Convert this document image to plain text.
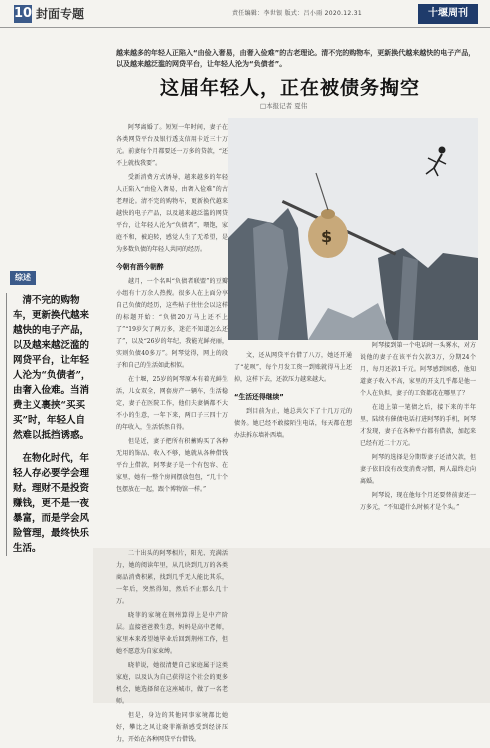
10 封面专题	责任编辑：李世银 版式：吕小雨 2020.12.31	十堰周刊
越来越多的年轻人正陷入“由俭入奢易，由奢入俭难”的古老理论。清不完的购物车，更新换代越来越快的电子产品，以及越来越泛滥的网贷平台，让年轻人沦为“负债者”。
这届年轻人，正在被债务掏空
□本报记者 夏伟
综述

清不完的购物车，更新换代越来越快的电子产品，以及越来越泛滥的网贷平台，让年轻人沦为“负债者”，由奢入俭难。当消费主义裹挟“买买买”时，年轻人自然难以抵挡诱惑。

在物化时代，年轻人存必要学会理财。理财不是投资赚钱，更不是一夜暴富，而是学会风险管理，最终快乐生活。

阿琴离婚了。短短一年时间，妻子在各类网贷平台及银行透支信用卡近三十万元。前妻每个月都要还一万多的贷款，“还不上就找我要”。

受新消费方式诱导，越来越多的年轻人正陷入“由俭入奢易，由奢入俭难”的古老理论。清不完的购物车，更新换代越来越快的电子产品，以及越来越泛滥的网贷平台，让年轻人沦为“负债者”，喂饱，家庭不和，被迫转，感觉人生了无希望，是为多数负债的年轻人共同的经历。

今朝有酒今朝醉

越月，一个名叫“负债者联盟”的豆瓣小组有十万余人热搜。很多人在上面分享自己负债的经历，这些帖子往往会以这样的标题开始：“负债20万马上还不上了”“19岁欠了两万多，迷茫不知道怎么还了”，以及“26岁的年纪，我能光鲜亮丽，实则负债40多万”。阿琴觉得，网上的段子和自己的生活如此相似。

在十堰，25岁的阿琴原本有着光鲜生活，儿女双全，网套房产一辆车，生活稳定，妻子在医院工作，他们夫妻俩都不大不小的生意，一年下来，两口子三四十万的年收入，生活恬然自得。

但是近，妻子把所有积蓄购买了各种无用的饰品、收入不够，她就从各种借钱平台上借款，阿琴妻子是一个有包容、在家里，她有一整个房间摆放包包，“几十个包摆放在一起，跟个博物馆一样。”

二十出头的阿琴相片，阳光、充满活力，她的阅读年里，从几块到几万的各类商品消费积累，找到几乎无人能比其乐，一年后，突然得知，然后不止那么几十万。

晓菲的家境在荆州算得上是中产阶层。直接爸爸教生意，妈妈是高中老师，家里本来希望她毕业后回到荆州工作，但她不愿意为自家束缚。

晓菲说，她很清楚自己家庭属于这类家庭，以及认为自己获得这个社会的更多机会，她选择留在这座城市，做了一名老师。

但是，身边的其他同事家境都比她好，攀比之风让晓菲渐渐感受到经济压力，开始在各种网贷平台借钱。

文，还从网贷平台借了八万，她还开通了“花呗”，每个月发工资一到账就得马上还掉，这样下去，还款压力越来越大。

“生活还得继续”

到目前为止，她总共欠下了十几万元的债务。她已经不敢接陌生电话，每天都在想办法拆东墙补西墙。

阿琴接到第一个电话时一头雾水，对方说他的妻子在该平台欠款3万，分期24个月，每月还款1千元。阿琴感到困惑，他知道妻子收入不高，家里的开支几乎都是他一个人在负担，妻子的工资都花在哪里了？

在追上第一笔债之后，接下来的半年里，陆续有催债电话打进阿琴的手机，阿琴才发现，妻子在各种平台都有借款，加起来已经有近二十万元。

阿琴的选择是分期帮妻子还清欠款，但妻子依旧没有改变消费习惯，两人最终走向离婚。

阿琴说，现在他每个月还要替前妻还一万多元，“不知道什么时候才是个头。”

$
